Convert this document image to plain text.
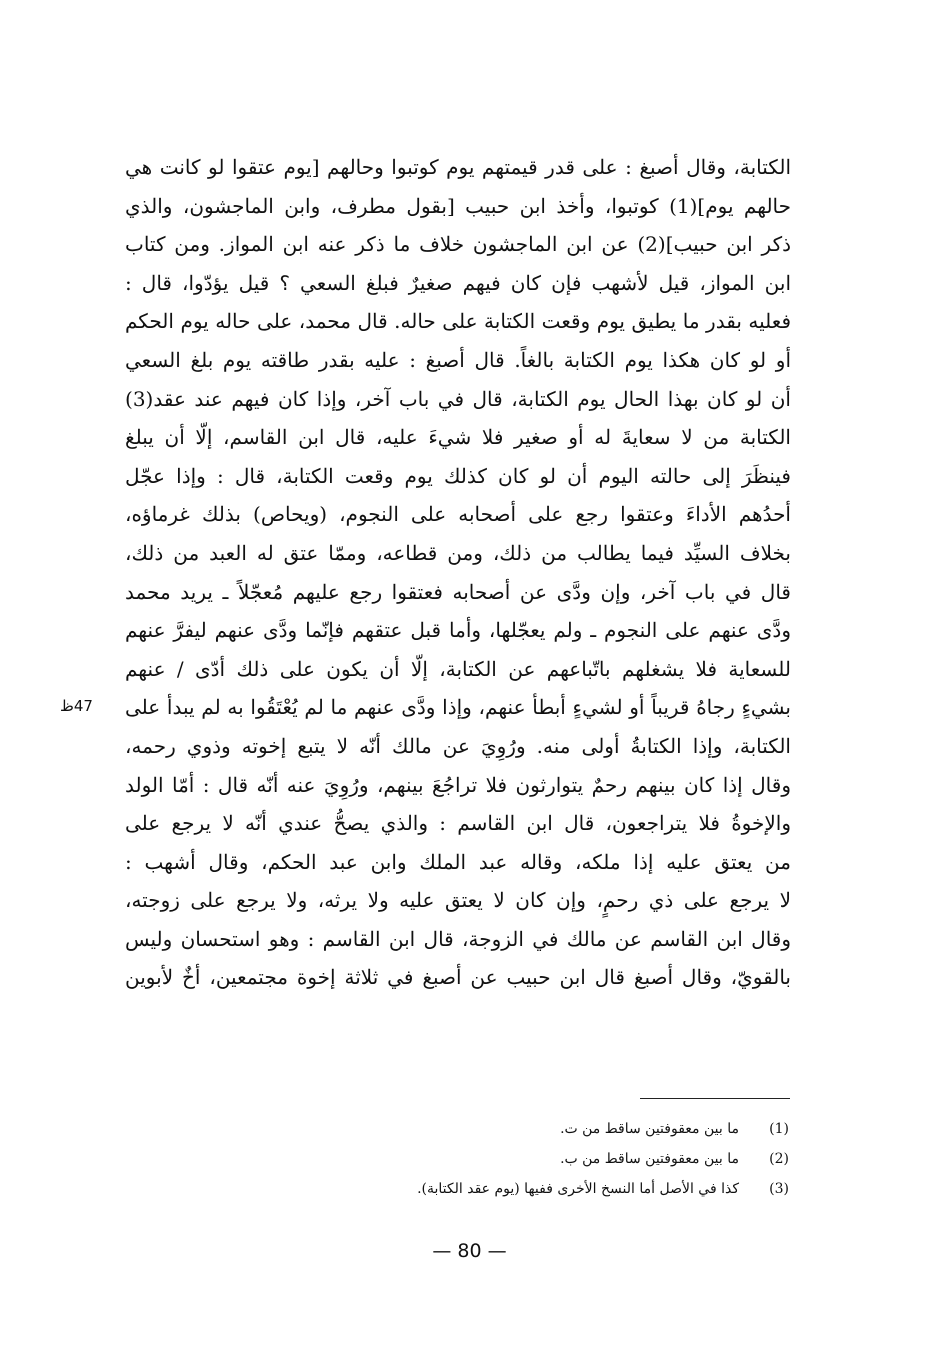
الكتابة، وقال أصبغ : على قدر قيمتهم يوم كوتبوا وحالهم [يوم عتقوا لو كانت هي
حالهم يوم](1) كوتبوا، وأخذ ابن حبيب [بقول مطرف، وابن الماجشون، والذي
ذكر ابن حبيب](2) عن ابن الماجشون خلاف ما ذكر عنه ابن المواز. ومن كتاب
ابن المواز، قيل لأشهب فإن كان فيهم صغيرٌ فبلغ السعي ؟ قيل يؤدّوا، قال :
فعليه بقدر ما يطيق يوم وقعت الكتابة على حاله. قال محمد، على حاله يوم الحكم
أو لو كان هكذا يوم الكتابة بالغاً. قال أصبغ : عليه بقدر طاقته يوم بلغ السعي
أن لو كان بهذا الحال يوم الكتابة، قال في باب آخر، وإذا كان فيهم عند عقد(3)
الكتابة من لا سعايةَ له أو صغير فلا شيءَ عليه، قال ابن القاسم، إلّا أن يبلغ
فينظَرَ إلى حالته اليوم أن لو كان كذلك يوم وقعت الكتابة، قال : وإذا عجّل
أحدُهم الأداءَ وعتقوا رجع على أصحابه على النجوم، (ويحاص) بذلك غرماؤه،
بخلاف السيِّد فيما يطالب من ذلك، ومن قطاعه، وممّا عتق له العبد من ذلك،
قال في باب آخر، وإن ودَّى عن أصحابه فعتقوا رجع عليهم مُعجّلاً ـ يريد محمد
ودَّى عنهم على النجوم ـ ولم يعجّلها، وأما قبل عتقهم فإنّما ودَّى عنهم ليفرَّ عنهم
للسعاية فلا يشغلهم باتّباعهم عن الكتابة، إلّا أن يكون على ذلك أدّى / عنهم
بشيءٍ رجاهُ قريباً أو لشيءٍ أبطأ عنهم، وإذا ودَّى عنهم ما لم يُعْتَقُوا به لم يبدأ على
الكتابة، وإذا الكتابةُ أولى منه. ورُوِيَ عن مالك أنّه لا يتبع إخوته وذوي رحمه،
وقال إذا كان بينهم رحمٌ يتوارثون فلا تراجُعَ بينهم، ورُوِيَ عنه أنّه قال : أمّا الولد
والإخوةُ فلا يتراجعون، قال ابن القاسم : والذي يصحُّ عندي أنّه لا يرجع على
من يعتق عليه إذا ملكه، وقاله عبد الملك وابن عبد الحكم، وقال أشهب :
لا يرجع على ذي رحمٍ، وإن كان لا يعتق عليه ولا يرثه، ولا يرجع على زوجته،
وقال ابن القاسم عن مالك في الزوجة، قال ابن القاسم : وهو استحسان وليس
بالقويّ، وقال أصبغ قال ابن حبيب عن أصبغ في ثلاثة إخوة مجتمعين، أخٌ لأبوين
47ظ
(1)ما بين معقوفتين ساقط من ت.
(2)ما بين معقوفتين ساقط من ب.
(3)كذا في الأصل أما النسخ الأخرى ففيها (يوم عقد الكتابة).
— 80 —
